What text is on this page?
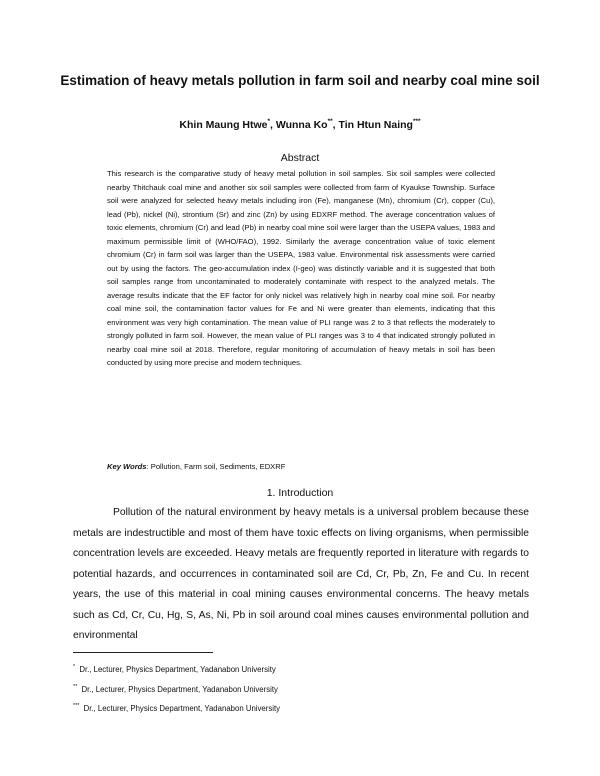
Estimation of heavy metals pollution in farm soil and nearby coal mine soil
Khin Maung Htwe*, Wunna Ko**, Tin Htun Naing***
Abstract

This research is the comparative study of heavy metal pollution in soil samples. Six soil samples were collected nearby Thitchauk coal mine and another six soil samples were collected from farm of Kyaukse Township. Surface soil were analyzed for selected heavy metals including iron (Fe), manganese (Mn), chromium (Cr), copper (Cu), lead (Pb), nickel (Ni), strontium (Sr) and zinc (Zn) by using EDXRF method. The average concentration values of toxic elements, chromium (Cr) and lead (Pb) in nearby coal mine soil were larger than the USEPA values, 1983 and maximum permissible limit of (WHO/FAO), 1992. Similarly the average concentration value of toxic element chromium (Cr) in farm soil was larger than the USEPA, 1983 value. Environmental risk assessments were carried out by using the factors. The geo-accumulation index (I-geo) was distinctly variable and it is suggested that both soil samples range from uncontaminated to moderately contaminate with respect to the analyzed metals. The average results indicate that the EF factor for only nickel was relatively high in nearby coal mine soil. For nearby coal mine soil, the contamination factor values for Fe and Ni were greater than elements, indicating that this environment was very high contamination. The mean value of PLI range was 2 to 3 that reflects the moderately to strongly polluted in farm soil. However, the mean value of PLI ranges was 3 to 4 that indicated strongly polluted in nearby coal mine soil at 2018. Therefore, regular monitoring of accumulation of heavy metals in soil has been conducted by using more precise and modern techniques.

Key Words: Pollution, Farm soil, Sediments, EDXRF

1. Introduction

Pollution of the natural environment by heavy metals is a universal problem because these metals are indestructible and most of them have toxic effects on living organisms, when permissible concentration levels are exceeded. Heavy metals are frequently reported in literature with regards to potential hazards, and occurrences in contaminated soil are Cd, Cr, Pb, Zn, Fe and Cu. In recent years, the use of this material in coal mining causes environmental concerns. The heavy metals such as Cd, Cr, Cu, Hg, S, As, Ni, Pb in soil around coal mines causes environmental pollution and environmental

* Dr., Lecturer, Physics Department, Yadanabon University

** Dr., Lecturer, Physics Department, Yadanabon University

*** Dr., Lecturer, Physics Department, Yadanabon University
